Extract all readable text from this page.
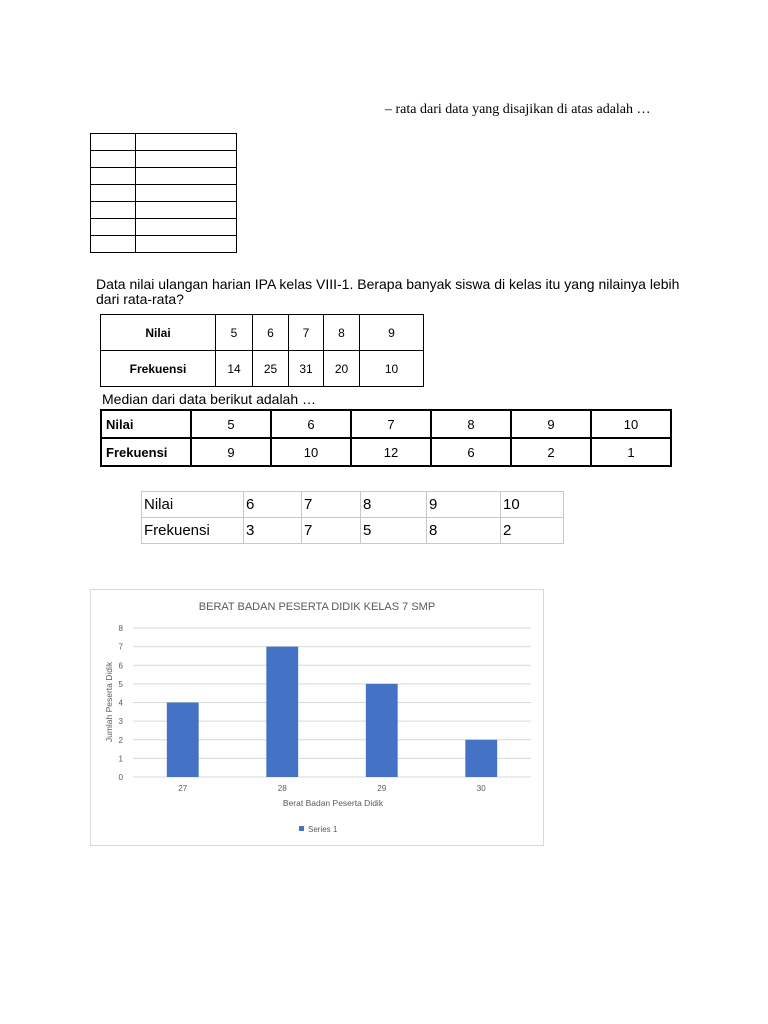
– rata dari data yang disajikan di atas adalah …

Data nilai ulangan harian IPA kelas VIII-1. Berapa banyak siswa di kelas itu yang nilainya lebih dari rata-rata?
Nilai	5	6	7	8	9
Frekuensi	14	25	31	20	10
Median dari data berikut adalah …
Nilai	5	6	7	8	9	10
Frekuensi	9	10	12	6	2	1
Nilai	6	7	8	9	10
Frekuensi	3	7	5	8	2
BERAT BADAN PESERTA DIDIK KELAS 7 SMP
0
1
2
3
4
5
6
7
8
27	28	29	30
Berat Badan Peserta Didik
Jumlah Peserta Didik
Series 1
